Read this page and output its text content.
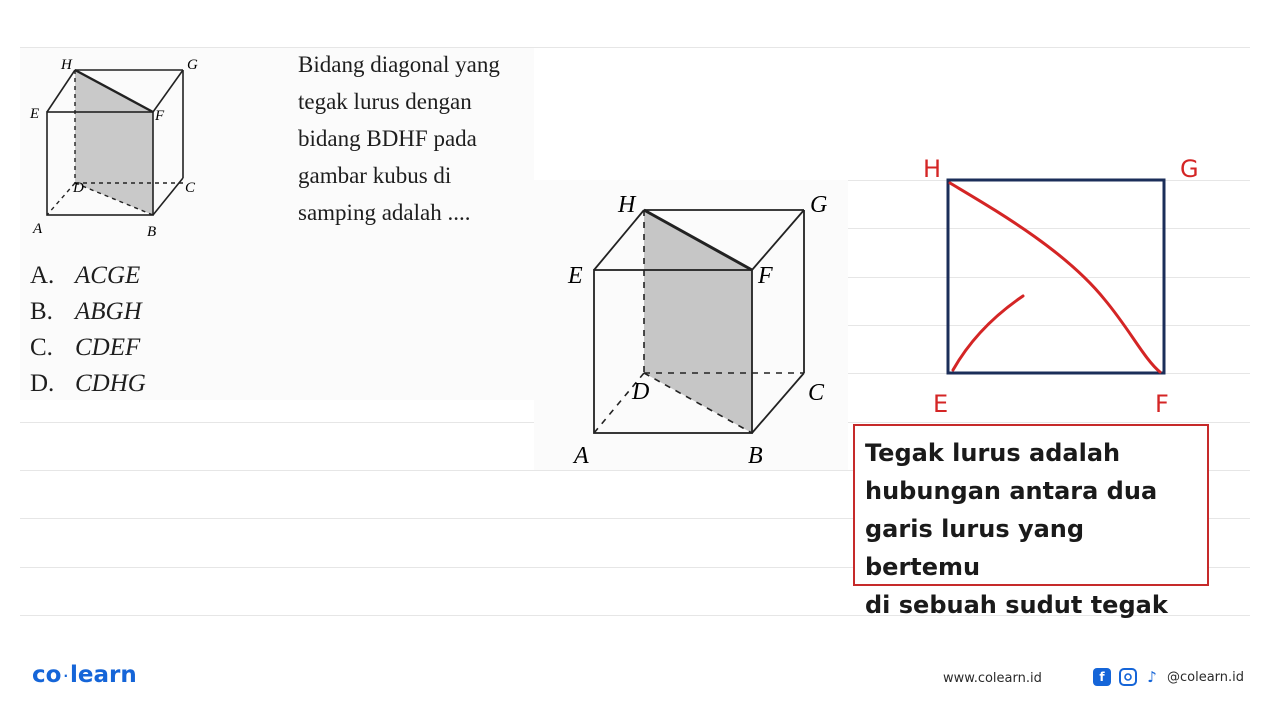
H	G
E	F
D	C
A	B
Bidang diagonal yang
tegak lurus dengan
bidang BDHF pada
gambar kubus di
samping adalah ....
A. ACGE
B. ABGH
C. CDEF
D. CDHG
H	G
E	F
D	C
A	B
H	G
E	F
Tegak lurus adalah
hubungan antara dua
garis lurus yang bertemu
di sebuah sudut tegak
co ·learn	www.colearn.id	f	♪ @colearn.id
